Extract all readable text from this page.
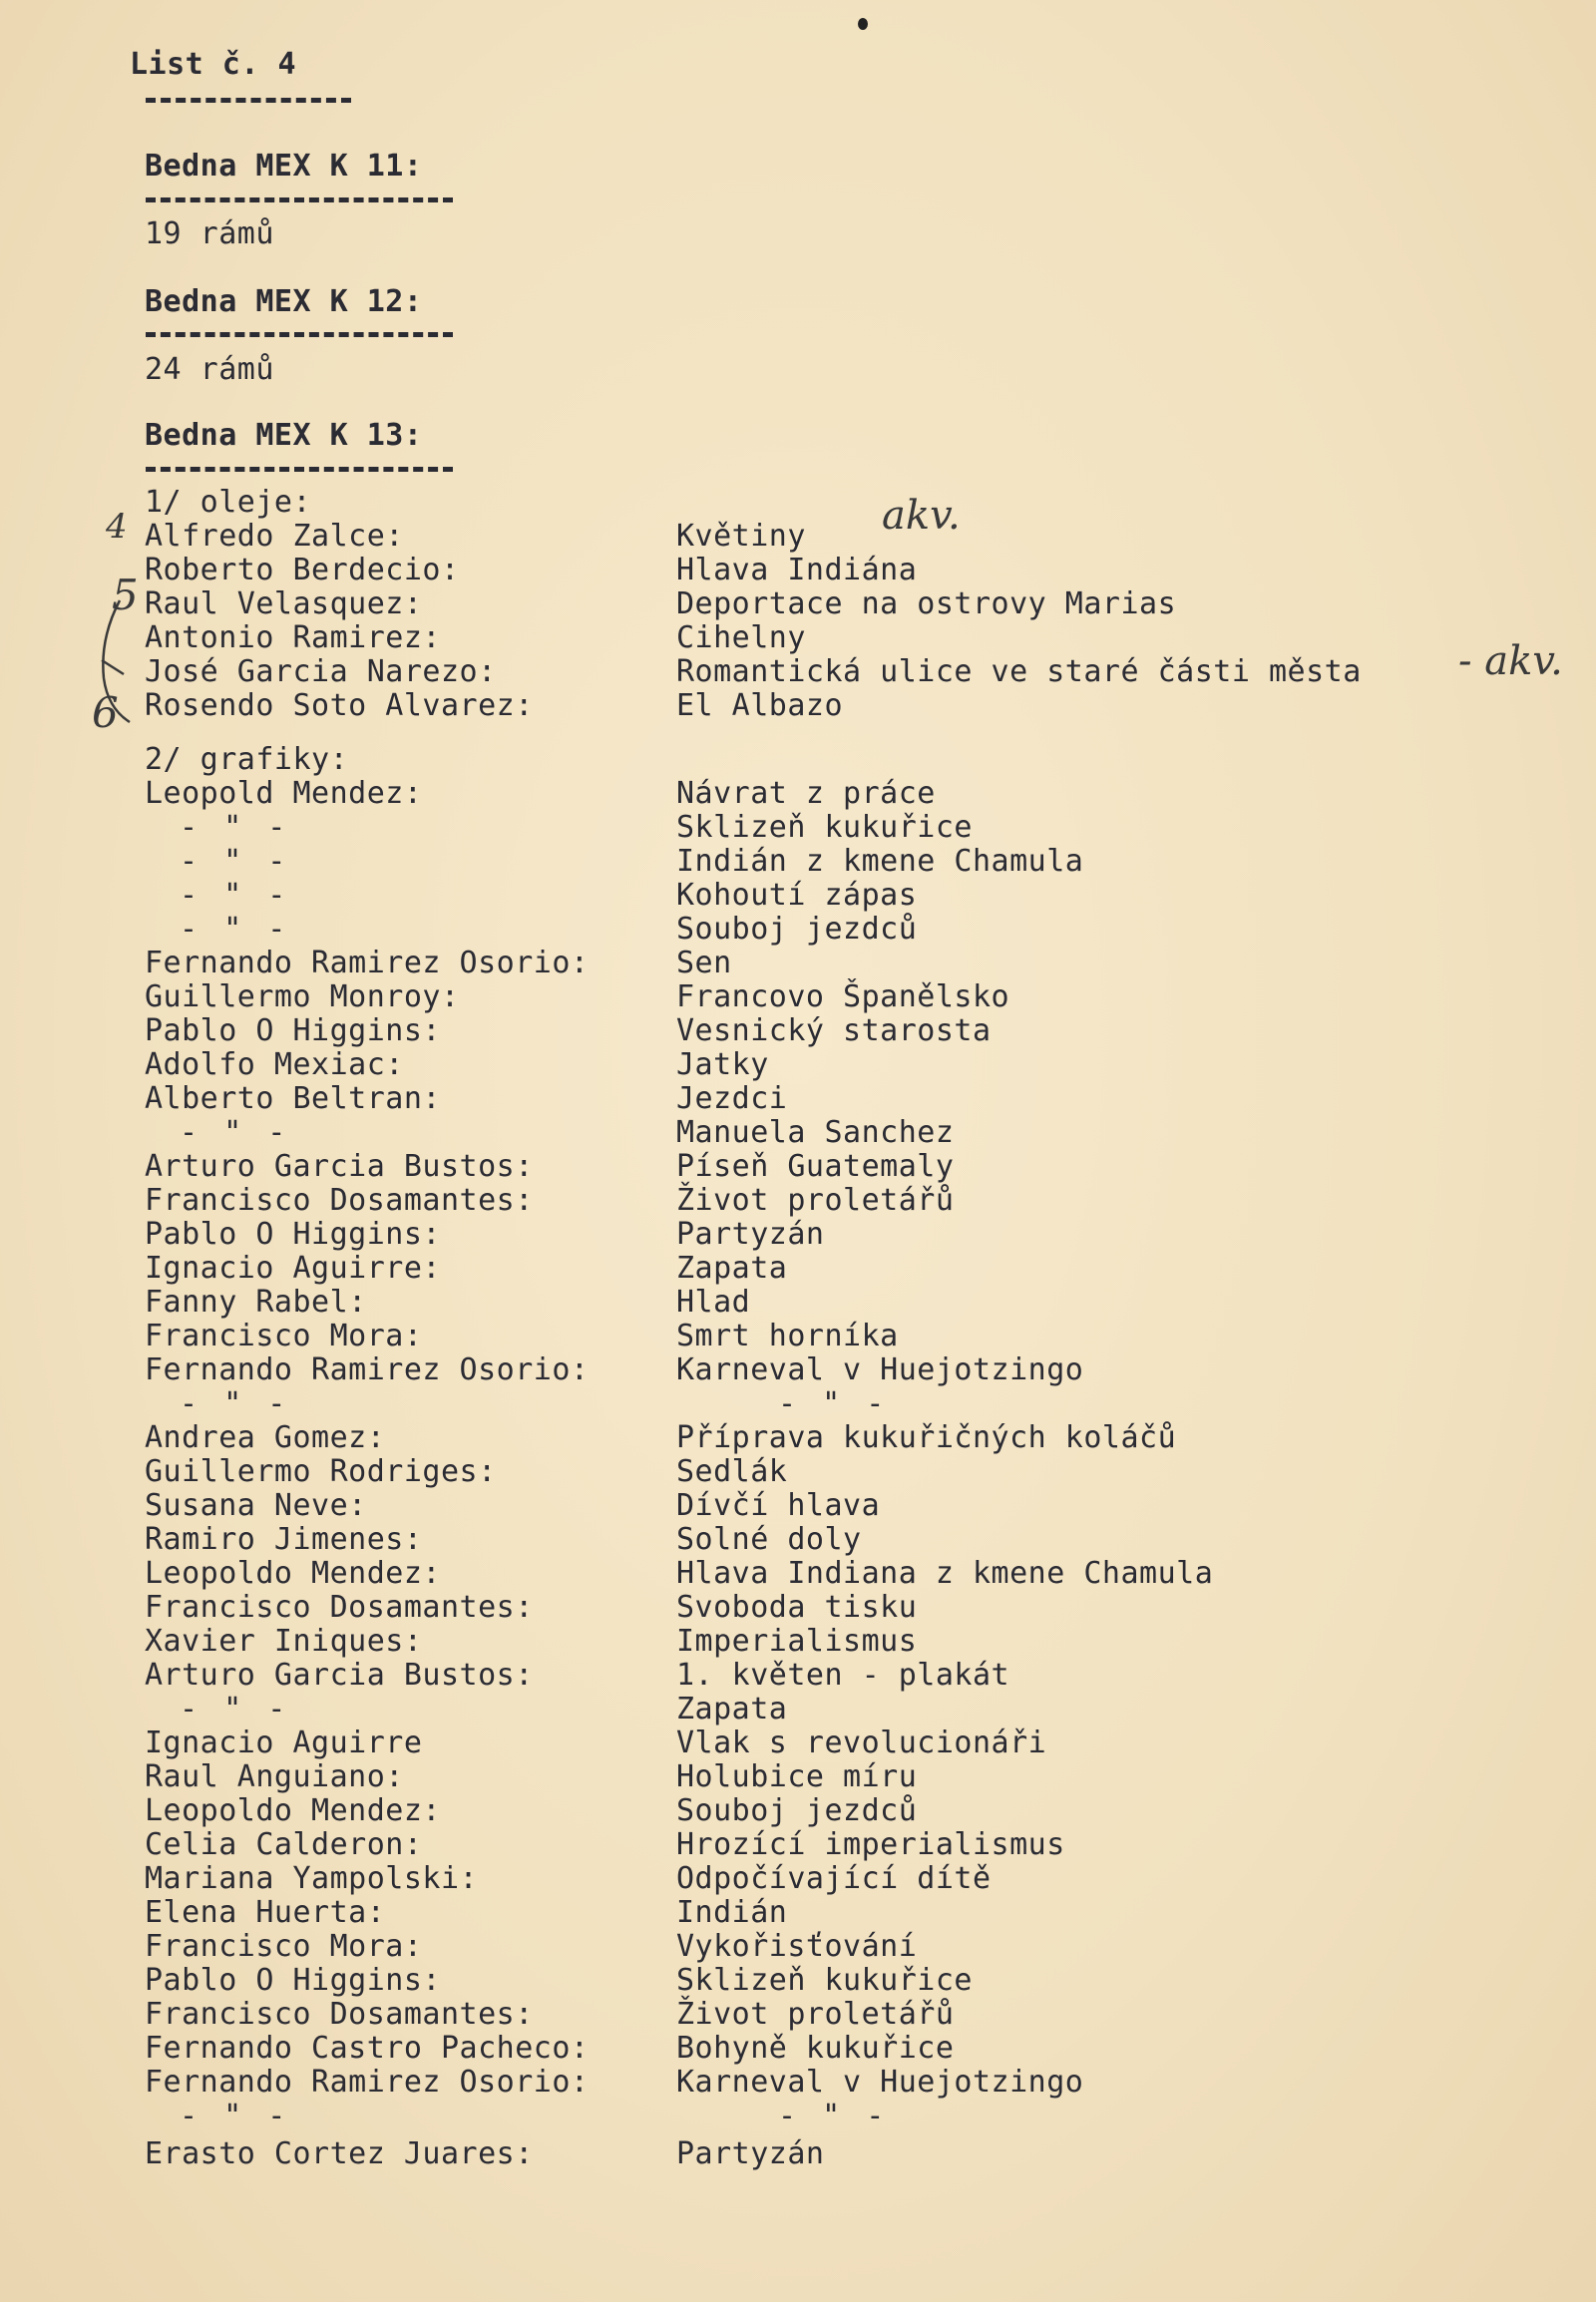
List č. 4
Bedna MEX K 11:
19 rámů
Bedna MEX K 12:
24 rámů
Bedna MEX K 13:
1/ oleje:
Alfredo Zalce:	Květiny
Roberto Berdecio:	Hlava Indiána
Raul Velasquez:	Deportace na ostrovy Marias
Antonio Ramirez:	Cihelny
José Garcia Narezo:	Romantická ulice ve staré části města
Rosendo Soto Alvarez:	El Albazo
akv.
- akv.
4
5
6
2/ grafiky:
Leopold Mendez:	Návrat z práce
- " -	Sklizeň kukuřice
- " -	Indián z kmene Chamula
- " -	Kohoutí zápas
- " -	Souboj jezdců
Fernando Ramirez Osorio:	Sen
Guillermo Monroy:	Francovo Španělsko
Pablo O Higgins:	Vesnický starosta
Adolfo Mexiac:	Jatky
Alberto Beltran:	Jezdci
- " -	Manuela Sanchez
Arturo Garcia Bustos:	Píseň Guatemaly
Francisco Dosamantes:	Život proletářů
Pablo O Higgins:	Partyzán
Ignacio Aguirre:	Zapata
Fanny Rabel:	Hlad
Francisco Mora:	Smrt horníka
Fernando Ramirez Osorio:	Karneval v Huejotzingo
- " -	- " -
Andrea Gomez:	Příprava kukuřičných koláčů
Guillermo Rodriges:	Sedlák
Susana Neve:	Dívčí hlava
Ramiro Jimenes:	Solné doly
Leopoldo Mendez:	Hlava Indiana z kmene Chamula
Francisco Dosamantes:	Svoboda tisku
Xavier Iniques:	Imperialismus
Arturo Garcia Bustos:	1. květen - plakát
- " -	Zapata
Ignacio Aguirre	Vlak s revolucionáři
Raul Anguiano:	Holubice míru
Leopoldo Mendez:	Souboj jezdců
Celia Calderon:	Hrozící imperialismus
Mariana Yampolski:	Odpočívající dítě
Elena Huerta:	Indián
Francisco Mora:	Vykořisťování
Pablo O Higgins:	Sklizeň kukuřice
Francisco Dosamantes:	Život proletářů
Fernando Castro Pacheco:	Bohyně kukuřice
Fernando Ramirez Osorio:	Karneval v Huejotzingo
- " -	- " -
Erasto Cortez Juares:	Partyzán
